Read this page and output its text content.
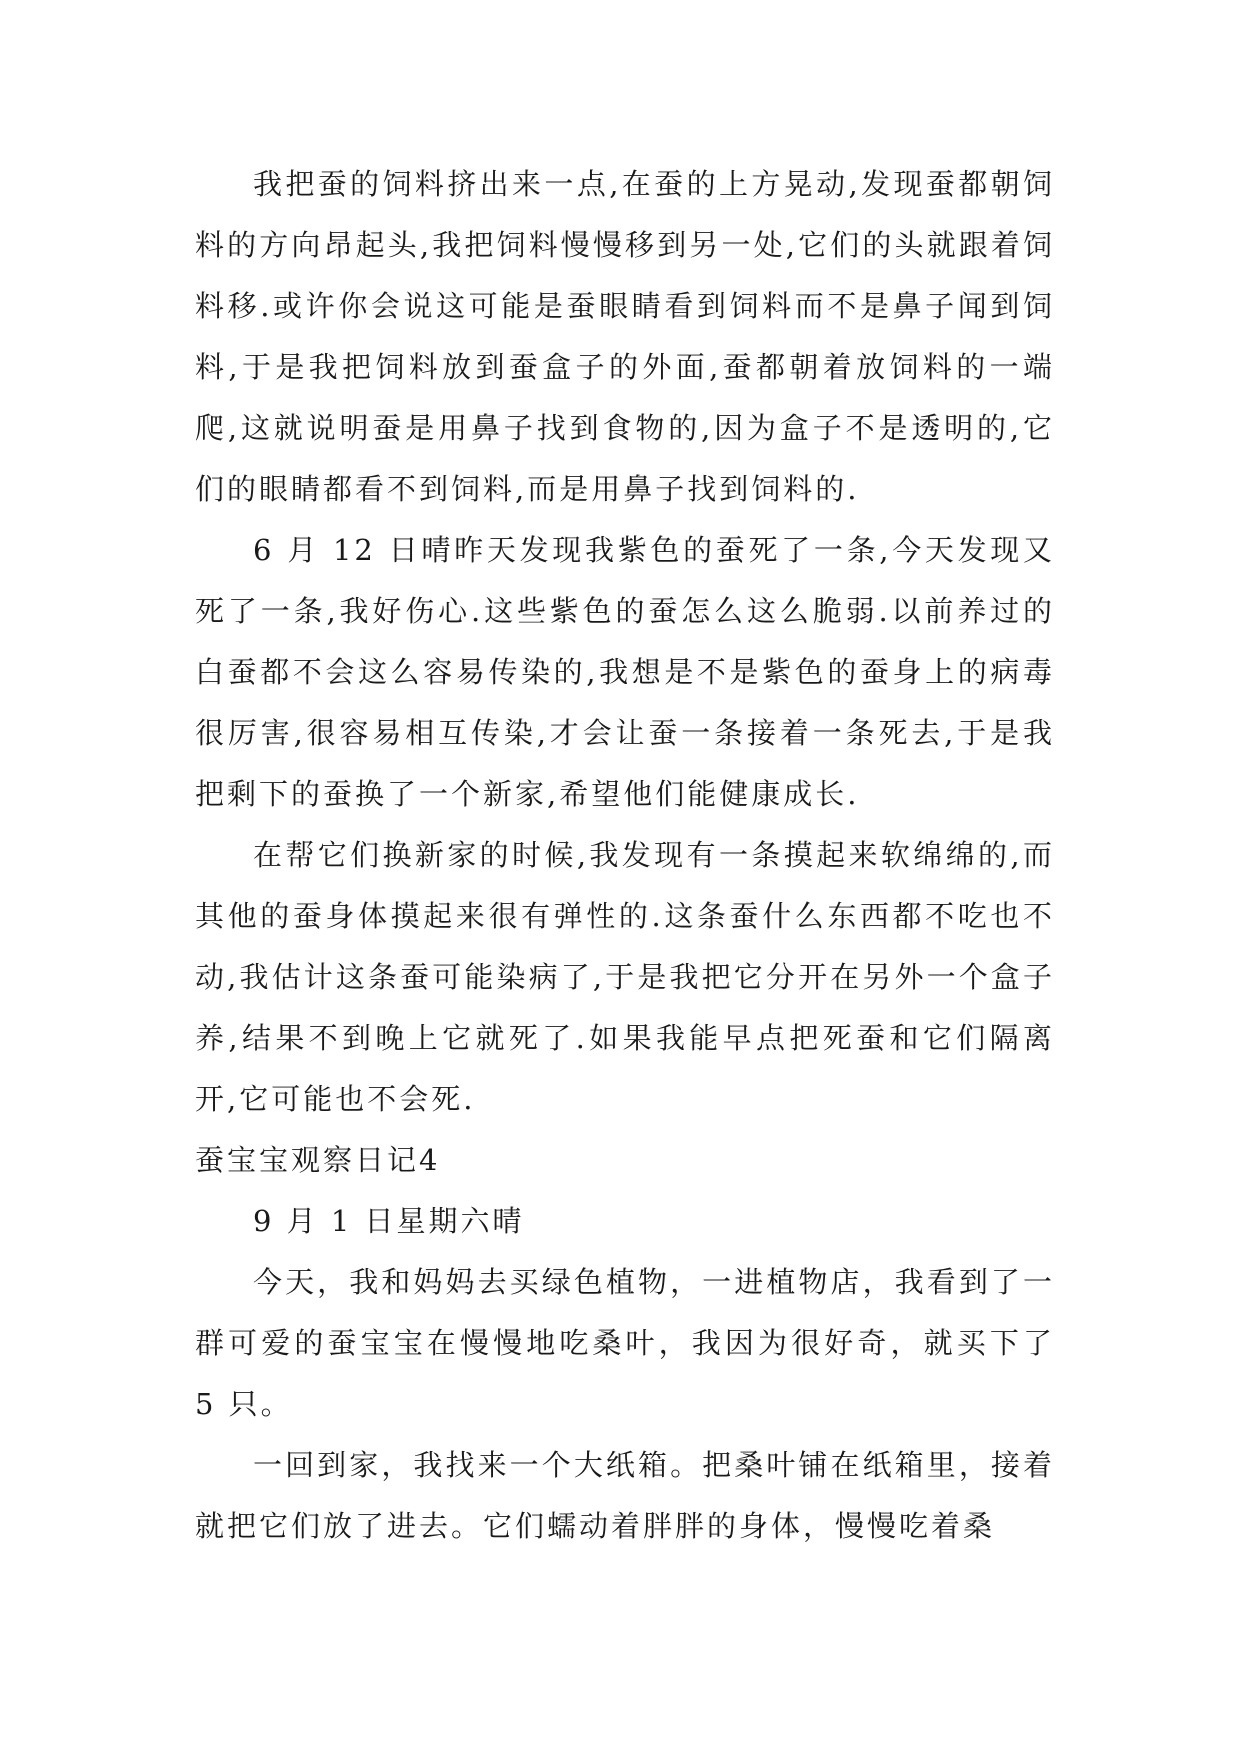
我把蚕的饲料挤出来一点,在蚕的上方晃动,发现蚕都朝饲料的方向昂起头,我把饲料慢慢移到另一处,它们的头就跟着饲料移.或许你会说这可能是蚕眼睛看到饲料而不是鼻子闻到饲料,于是我把饲料放到蚕盒子的外面,蚕都朝着放饲料的一端爬,这就说明蚕是用鼻子找到食物的,因为盒子不是透明的,它们的眼睛都看不到饲料,而是用鼻子找到饲料的.

6 月 12 日晴昨天发现我紫色的蚕死了一条,今天发现又死了一条,我好伤心.这些紫色的蚕怎么这么脆弱.以前养过的白蚕都不会这么容易传染的,我想是不是紫色的蚕身上的病毒很厉害,很容易相互传染,才会让蚕一条接着一条死去,于是我把剩下的蚕换了一个新家,希望他们能健康成长.

在帮它们换新家的时候,我发现有一条摸起来软绵绵的,而其他的蚕身体摸起来很有弹性的.这条蚕什么东西都不吃也不动,我估计这条蚕可能染病了,于是我把它分开在另外一个盒子养,结果不到晚上它就死了.如果我能早点把死蚕和它们隔离开,它可能也不会死.

蚕宝宝观察日记4

9 月 1 日星期六晴

今天，我和妈妈去买绿色植物，一进植物店，我看到了一群可爱的蚕宝宝在慢慢地吃桑叶，我因为很好奇，就买下了 5 只。

一回到家，我找来一个大纸箱。把桑叶铺在纸箱里，接着就把它们放了进去。它们蠕动着胖胖的身体，慢慢吃着桑
